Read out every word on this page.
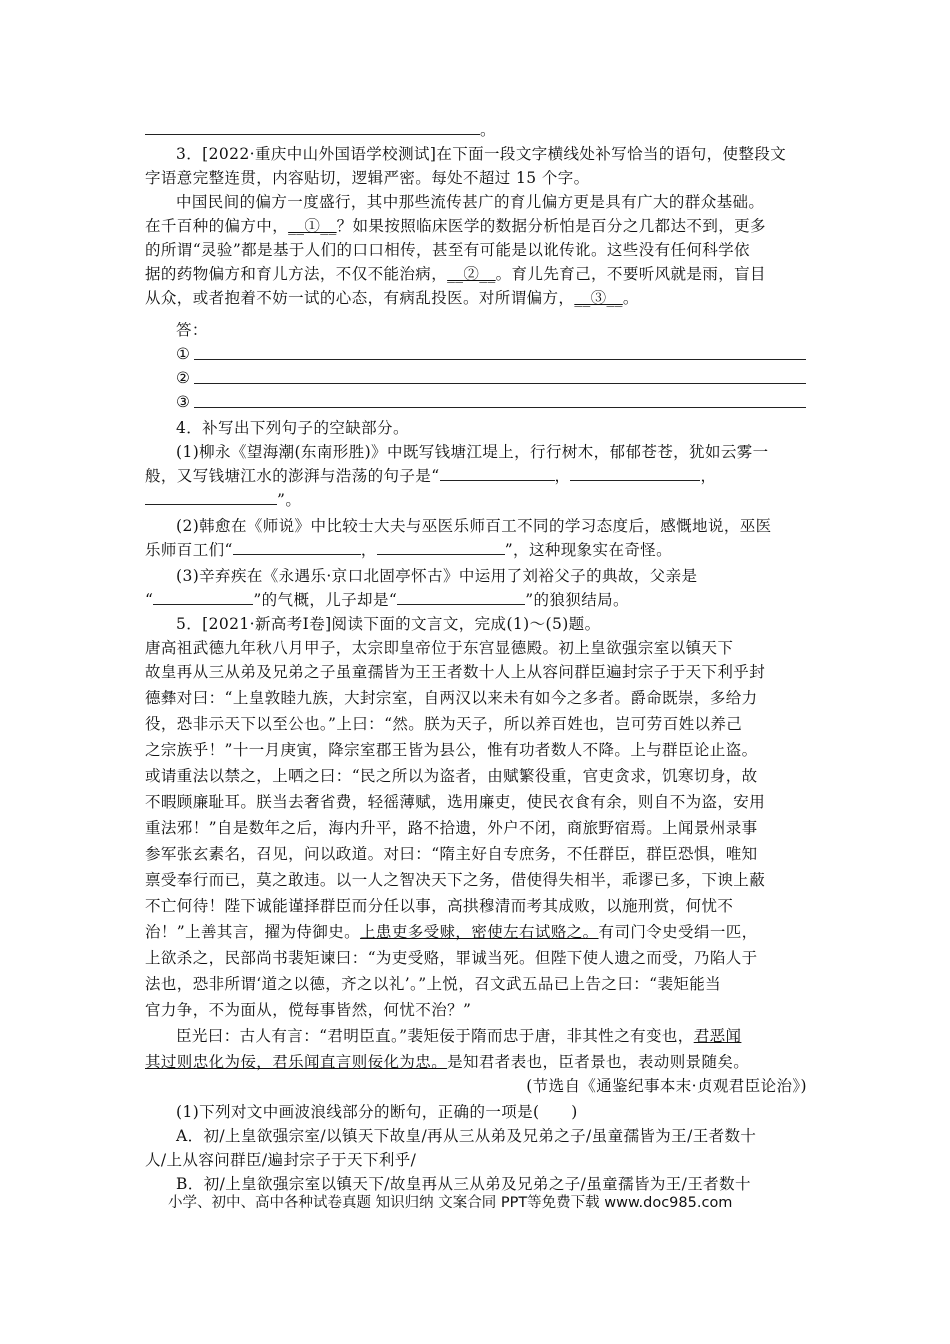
。
3．[2022·重庆中山外国语学校测试]在下面一段文字横线处补写恰当的语句，使整段文
字语意完整连贯，内容贴切，逻辑严密。每处不超过 15 个字。
中国民间的偏方一度盛行，其中那些流传甚广的育儿偏方更是具有广大的群众基础。
在千百种的偏方中，__①__？如果按照临床医学的数据分析怕是百分之几都达不到，更多
的所谓“灵验”都是基于人们的口口相传，甚至有可能是以讹传讹。这些没有任何科学依
据的药物偏方和育儿方法，不仅不能治病，__②__。育儿先育己，不要听风就是雨，盲目
从众，或者抱着不妨一试的心态，有病乱投医。对所谓偏方，__③__。
答：
①
②
③
4．补写出下列句子的空缺部分。
(1)柳永《望海潮(东南形胜)》中既写钱塘江堤上，行行树木，郁郁苍苍，犹如云雾一
般，又写钱塘江水的澎湃与浩荡的句子是“	，	，
”。
(2)韩愈在《师说》中比较士大夫与巫医乐师百工不同的学习态度后，感慨地说，巫医
乐师百工们“	，	”，这种现象实在奇怪。
(3)辛弃疾在《永遇乐·京口北固亭怀古》中运用了刘裕父子的典故，父亲是
“	”的气概，儿子却是“	”的狼狈结局。
5．[2021·新高考Ⅰ卷]阅读下面的文言文，完成(1)～(5)题。
唐高祖武德九年秋八月甲子，太宗即皇帝位于东宫显德殿。初上皇欲强宗室以镇天下
故皇再从三从弟及兄弟之子虽童孺皆为王王者数十人上从容问群臣遍封宗子于天下利乎封
德彝对曰：“上皇敦睦九族，大封宗室，自两汉以来未有如今之多者。爵命既崇，多给力
役，恐非示天下以至公也。”上曰：“然。朕为天子，所以养百姓也，岂可劳百姓以养己
之宗族乎！”十一月庚寅，降宗室郡王皆为县公，惟有功者数人不降。上与群臣论止盗。
或请重法以禁之，上哂之曰：“民之所以为盗者，由赋繁役重，官吏贪求，饥寒切身，故
不暇顾廉耻耳。朕当去奢省费，轻徭薄赋，选用廉吏，使民衣食有余，则自不为盗，安用
重法邪！”自是数年之后，海内升平，路不拾遗，外户不闭，商旅野宿焉。上闻景州录事
参军张玄素名，召见，问以政道。对曰：“隋主好自专庶务，不任群臣，群臣恐惧，唯知
禀受奉行而已，莫之敢违。以一人之智决天下之务，借使得失相半，乖谬已多，下谀上蔽
不亡何待！陛下诚能谨择群臣而分任以事，高拱穆清而考其成败，以施刑赏，何忧不
治！”上善其言，擢为侍御史。上患吏多受赇，密使左右试赂之。有司门令史受绢一匹，
上欲杀之，民部尚书裴矩谏曰：“为吏受赂，罪诚当死。但陛下使人遗之而受，乃陷人于
法也，恐非所谓‘道之以德，齐之以礼’。”上悦，召文武五品已上告之曰：“裴矩能当
官力争，不为面从，傥每事皆然，何忧不治？”
臣光曰：古人有言：“君明臣直。”裴矩佞于隋而忠于唐，非其性之有变也，君恶闻
其过则忠化为佞，君乐闻直言则佞化为忠。是知君者表也，臣者景也，表动则景随矣。
(节选自《通鉴纪事本末·贞观君臣论治》)
(1)下列对文中画波浪线部分的断句，正确的一项是(　　)
A．初/上皇欲强宗室/以镇天下故皇/再从三从弟及兄弟之子/虽童孺皆为王/王者数十
人/上从容问群臣/遍封宗子于天下利乎/
B．初/上皇欲强宗室以镇天下/故皇再从三从弟及兄弟之子/虽童孺皆为王/王者数十
小学、初中、高中各种试卷真题 知识归纳 文案合同 PPT等免费下载 www.doc985.com
